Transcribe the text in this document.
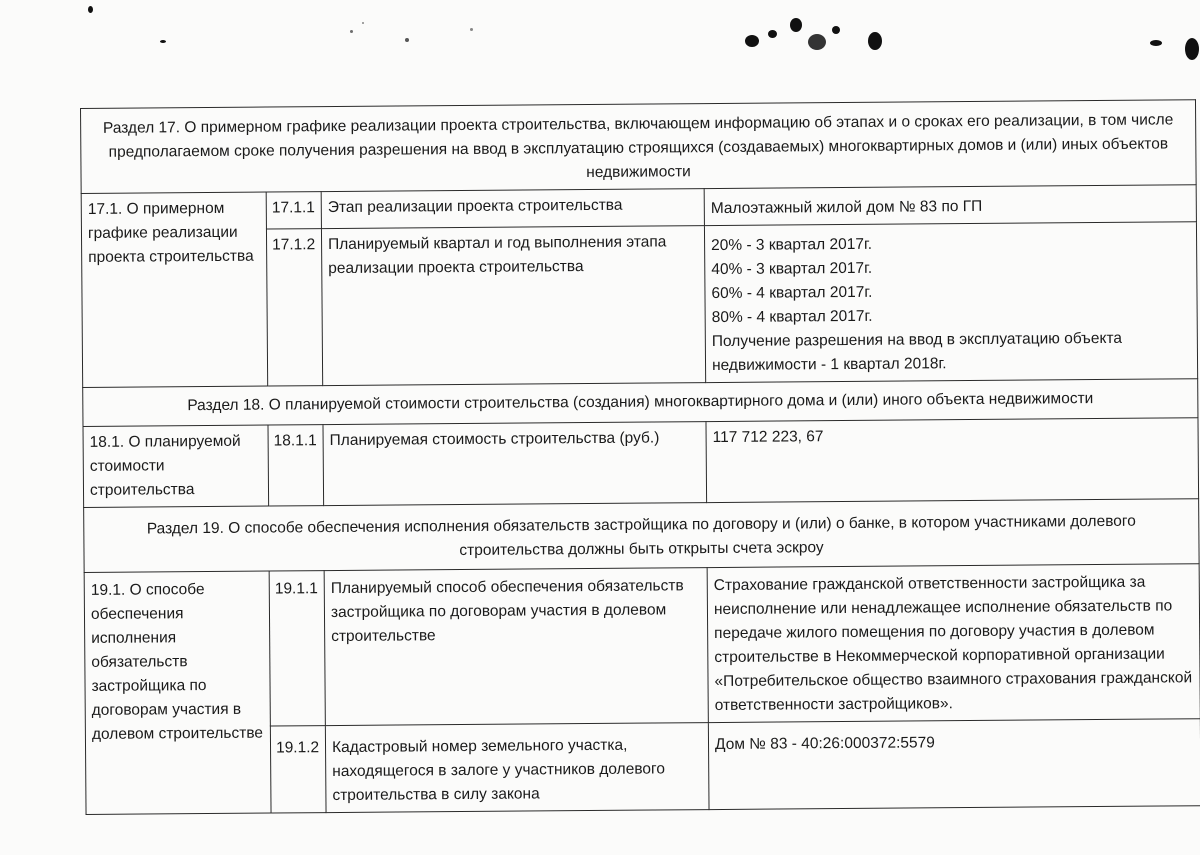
Раздел 17. О примерном графике реализации проекта строительства, включающем информацию об этапах и о сроках его реализации, в том числе предполагаемом сроке получения разрешения на ввод в эксплуатацию строящихся (создаваемых) многоквартирных домов и (или) иных объектов недвижимости			
17.1. О примерном графике реализации проекта строительства	17.1.1	Этап реализации проекта строительства	Малоэтажный жилой дом № 83 по ГП
	17.1.2	Планируемый квартал и год выполнения этапа реализации проекта строительства	20% - 3 квартал 2017г.
40% - 3 квартал 2017г.
60% - 4 квартал 2017г.
80% - 4 квартал 2017г.
Получение разрешения на ввод в эксплуатацию объекта недвижимости - 1 квартал 2018г.

Раздел 18. О планируемой стоимости строительства (создания) многоквартирного дома и (или) иного объекта недвижимости			
18.1. О планируемой стоимости строительства	18.1.1	Планируемая стоимость строительства (руб.)	117 712 223, 67
Раздел 19. О способе обеспечения исполнения обязательств застройщика по договору и (или) о банке, в котором участниками долевого строительства должны быть открыты счета эскроу			
19.1. О способе обеспечения исполнения обязательств застройщика по договорам участия в долевом строительстве	19.1.1	Планируемый способ обеспечения обязательств застройщика по договорам участия в долевом строительстве	Страхование гражданской ответственности застройщика за неисполнение или ненадлежащее исполнение обязательств по передаче жилого помещения по договору участия в долевом строительстве в Некоммерческой корпоративной организации «Потребительское общество взаимного страхования гражданской ответственности застройщиков».
	19.1.2	Кадастровый номер земельного участка, находящегося в залоге у участников долевого строительства в силу закона	Дом № 83 - 40:26:000372:5579
